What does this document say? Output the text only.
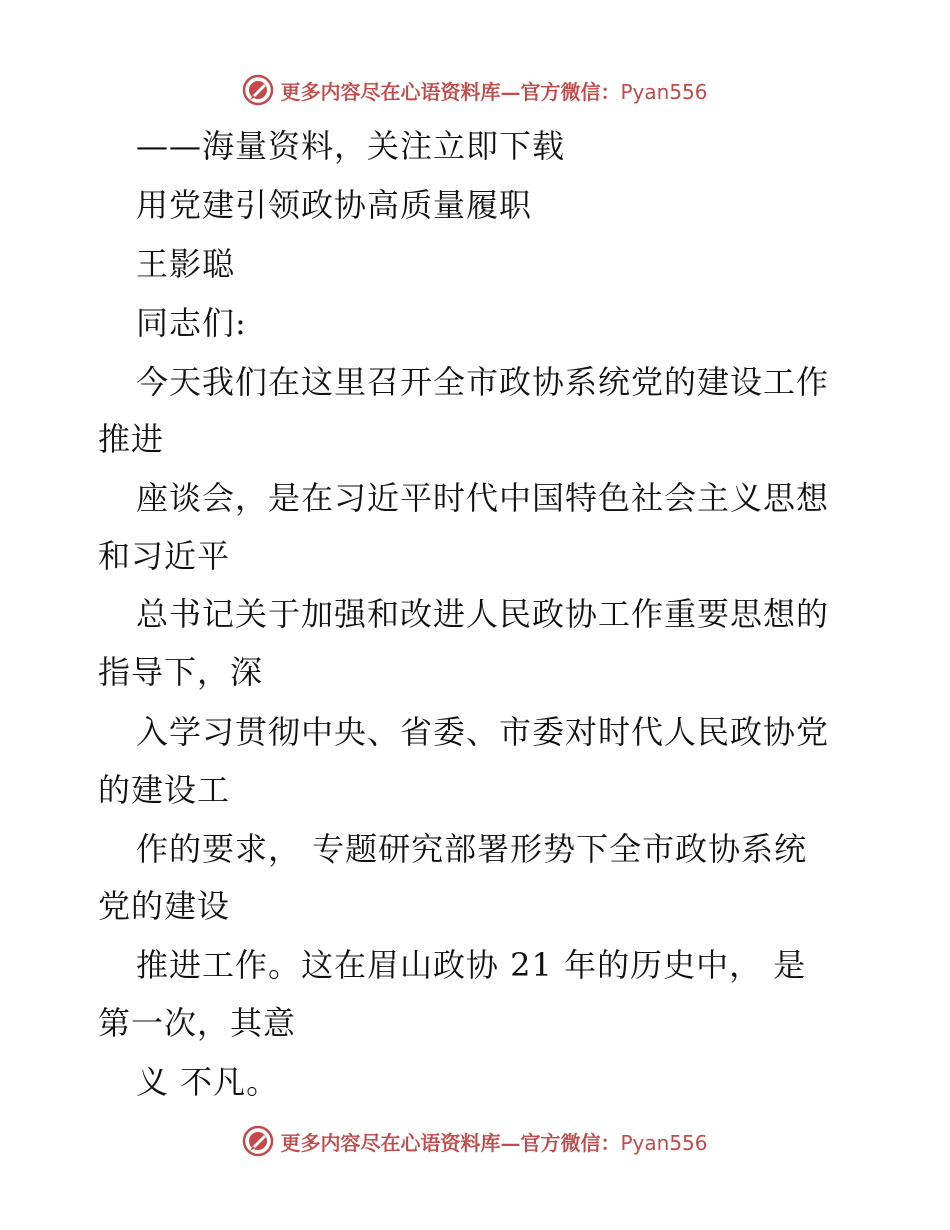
更多内容尽在心语资料库—官方微信：Pyan556
——海量资料，关注立即下载
用党建引领政协高质量履职
王影聪
同志们:
今天我们在这里召开全市政协系统党的建设工作
推进
座谈会，是在习近平时代中国特色社会主义思想
和习近平
总书记关于加强和改进人民政协工作重要思想的
指导下，深
入学习贯彻中央、省委、市委对时代人民政协党
的建设工
作的要求， 专题研究部署形势下全市政协系统
党的建设
推进工作。这在眉山政协 21 年的历史中， 是
第一次，其意
义 不凡。
更多内容尽在心语资料库—官方微信：Pyan556
